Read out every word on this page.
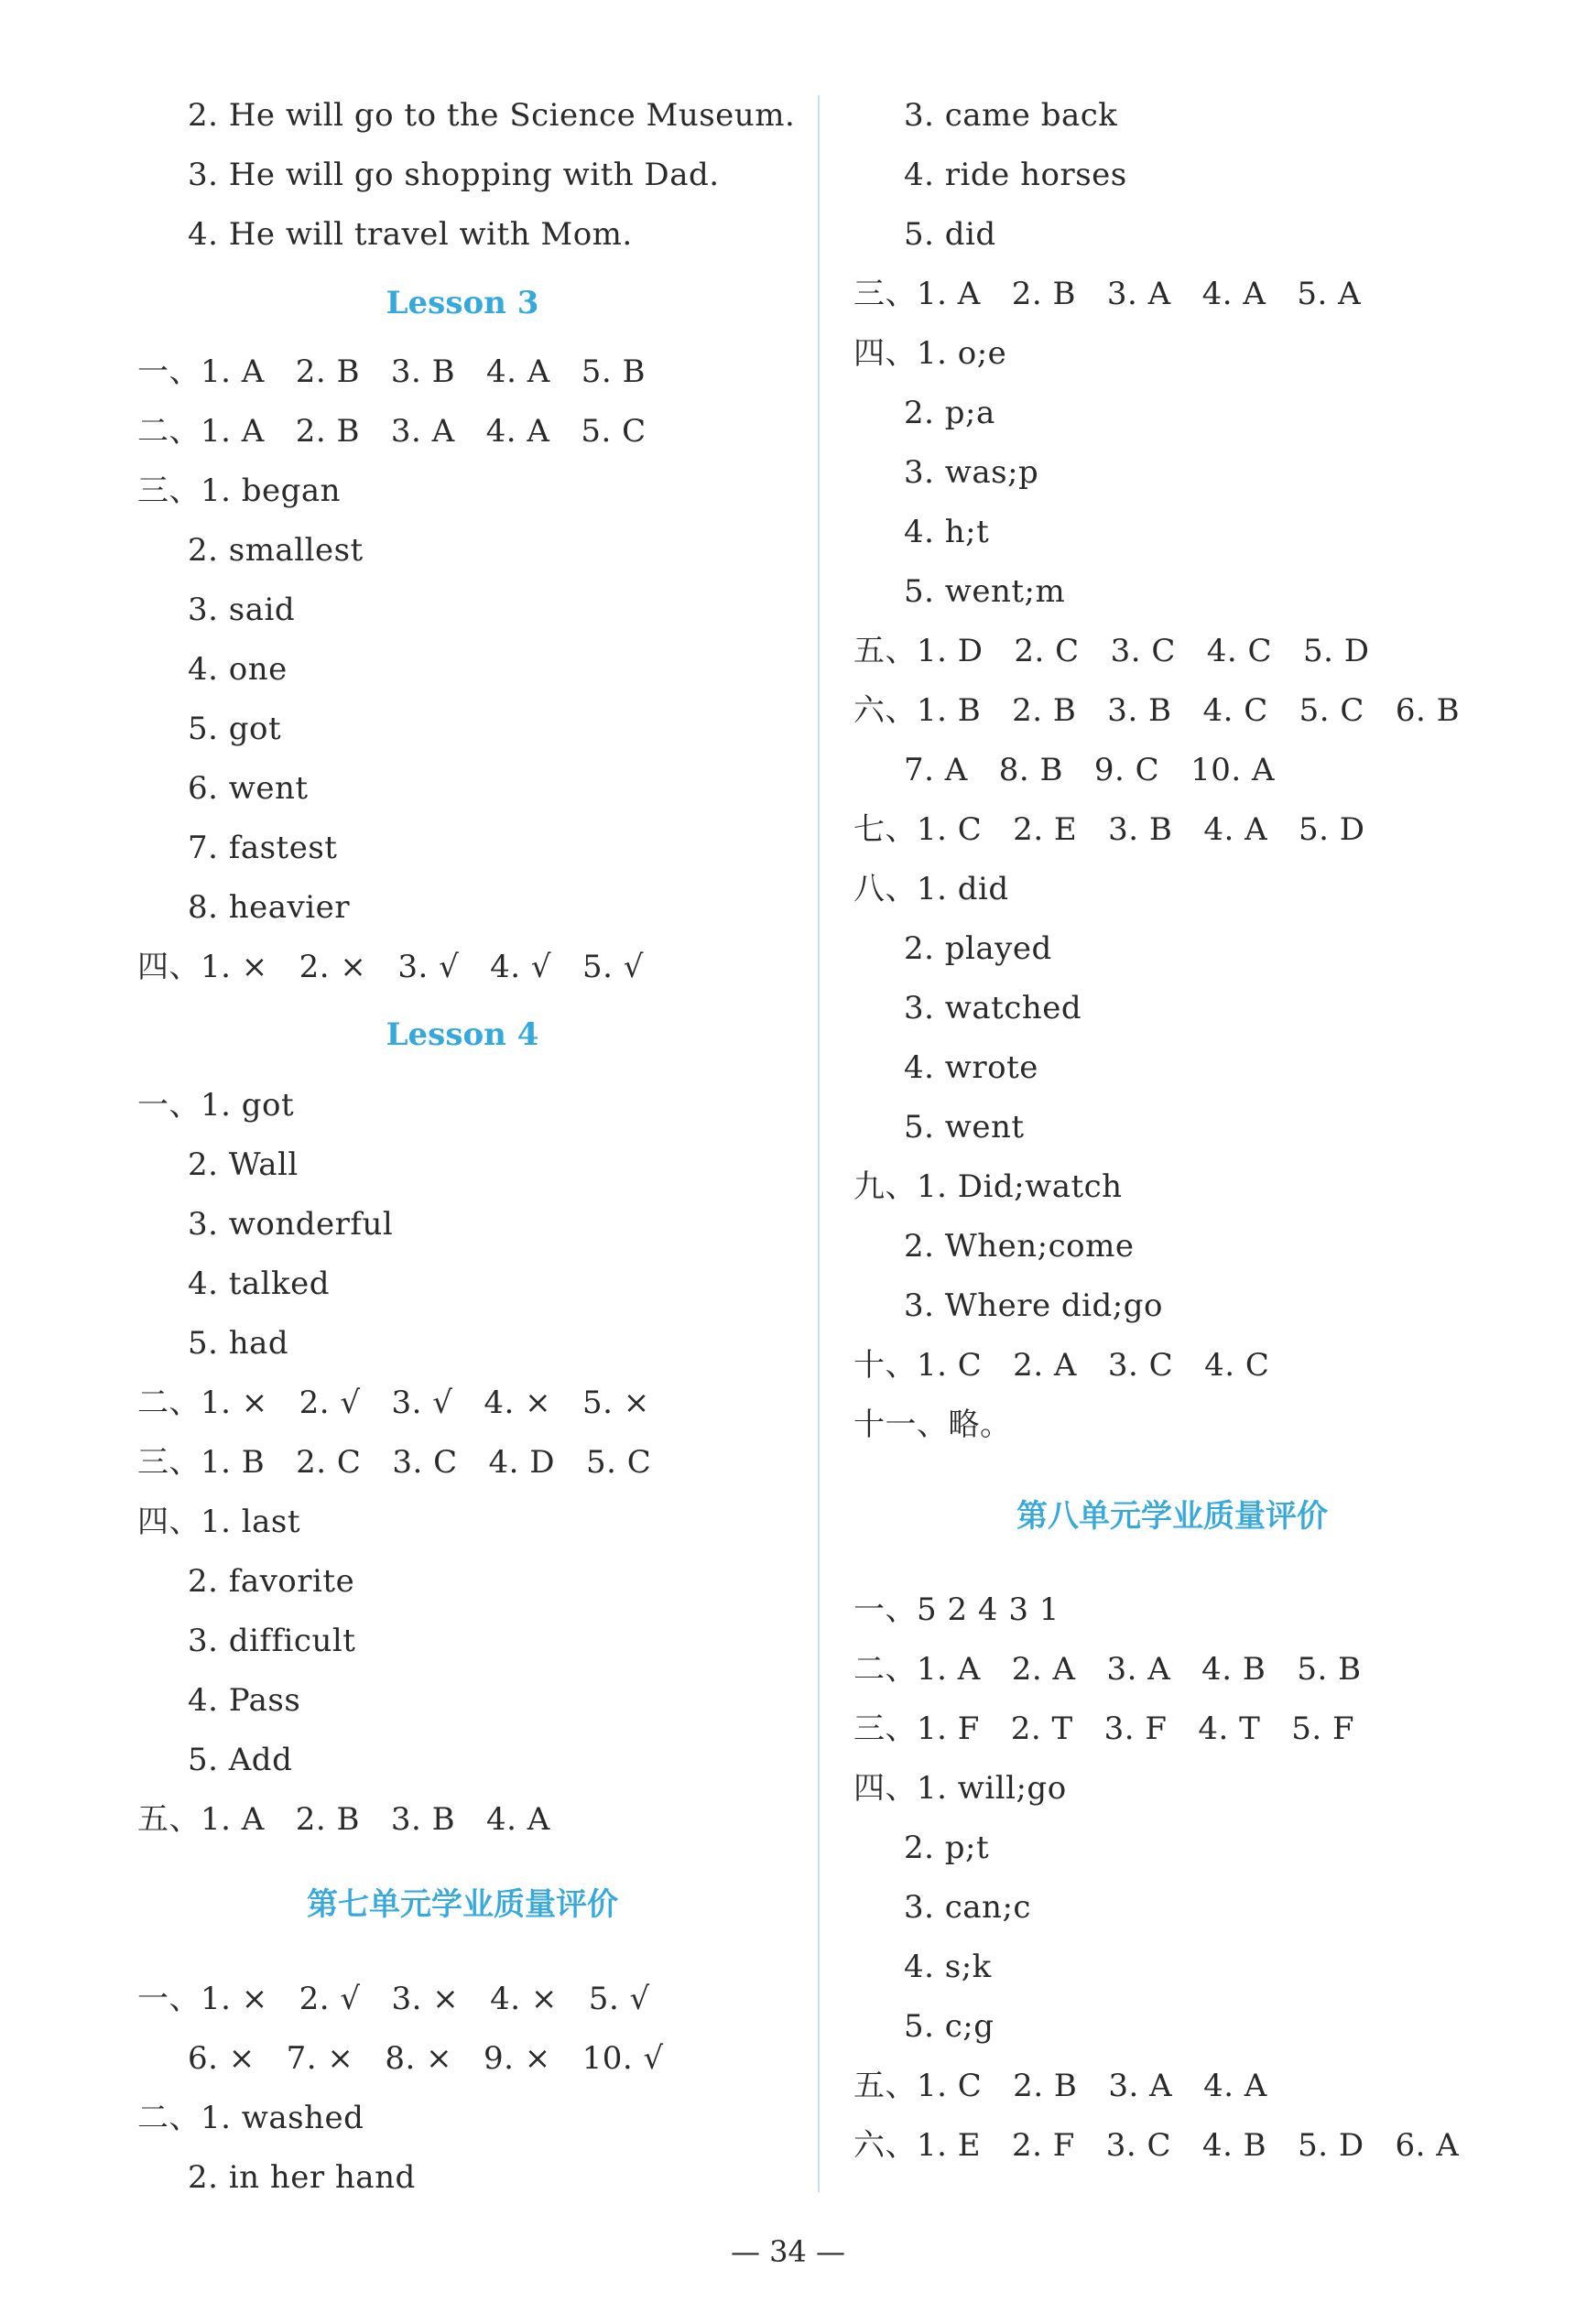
2. He will go to the Science Museum.
3. He will go shopping with Dad.
4. He will travel with Mom.
Lesson 3
一、1. A   2. B   3. B   4. A   5. B
二、1. A   2. B   3. A   4. A   5. C
三、1. began
2. smallest
3. said
4. one
5. got
6. went
7. fastest
8. heavier
四、1. ×   2. ×   3. √   4. √   5. √
Lesson 4
一、1. got
2. Wall
3. wonderful
4. talked
5. had
二、1. ×   2. √   3. √   4. ×   5. ×
三、1. B   2. C   3. C   4. D   5. C
四、1. last
2. favorite
3. difficult
4. Pass
5. Add
五、1. A   2. B   3. B   4. A
第七单元学业质量评价
一、1. ×   2. √   3. ×   4. ×   5. √
6. ×   7. ×   8. ×   9. ×   10. √
二、1. washed
2. in her hand
3. came back
4. ride horses
5. did
三、1. A   2. B   3. A   4. A   5. A
四、1. o;e
2. p;a
3. was;p
4. h;t
5. went;m
五、1. D   2. C   3. C   4. C   5. D
六、1. B   2. B   3. B   4. C   5. C   6. B
7. A   8. B   9. C   10. A
七、1. C   2. E   3. B   4. A   5. D
八、1. did
2. played
3. watched
4. wrote
5. went
九、1. Did;watch
2. When;come
3. Where did;go
十、1. C   2. A   3. C   4. C
十一、略。
第八单元学业质量评价
一、5 2 4 3 1
二、1. A   2. A   3. A   4. B   5. B
三、1. F   2. T   3. F   4. T   5. F
四、1. will;go
2. p;t
3. can;c
4. s;k
5. c;g
五、1. C   2. B   3. A   4. A
六、1. E   2. F   3. C   4. B   5. D   6. A
— 34 —
